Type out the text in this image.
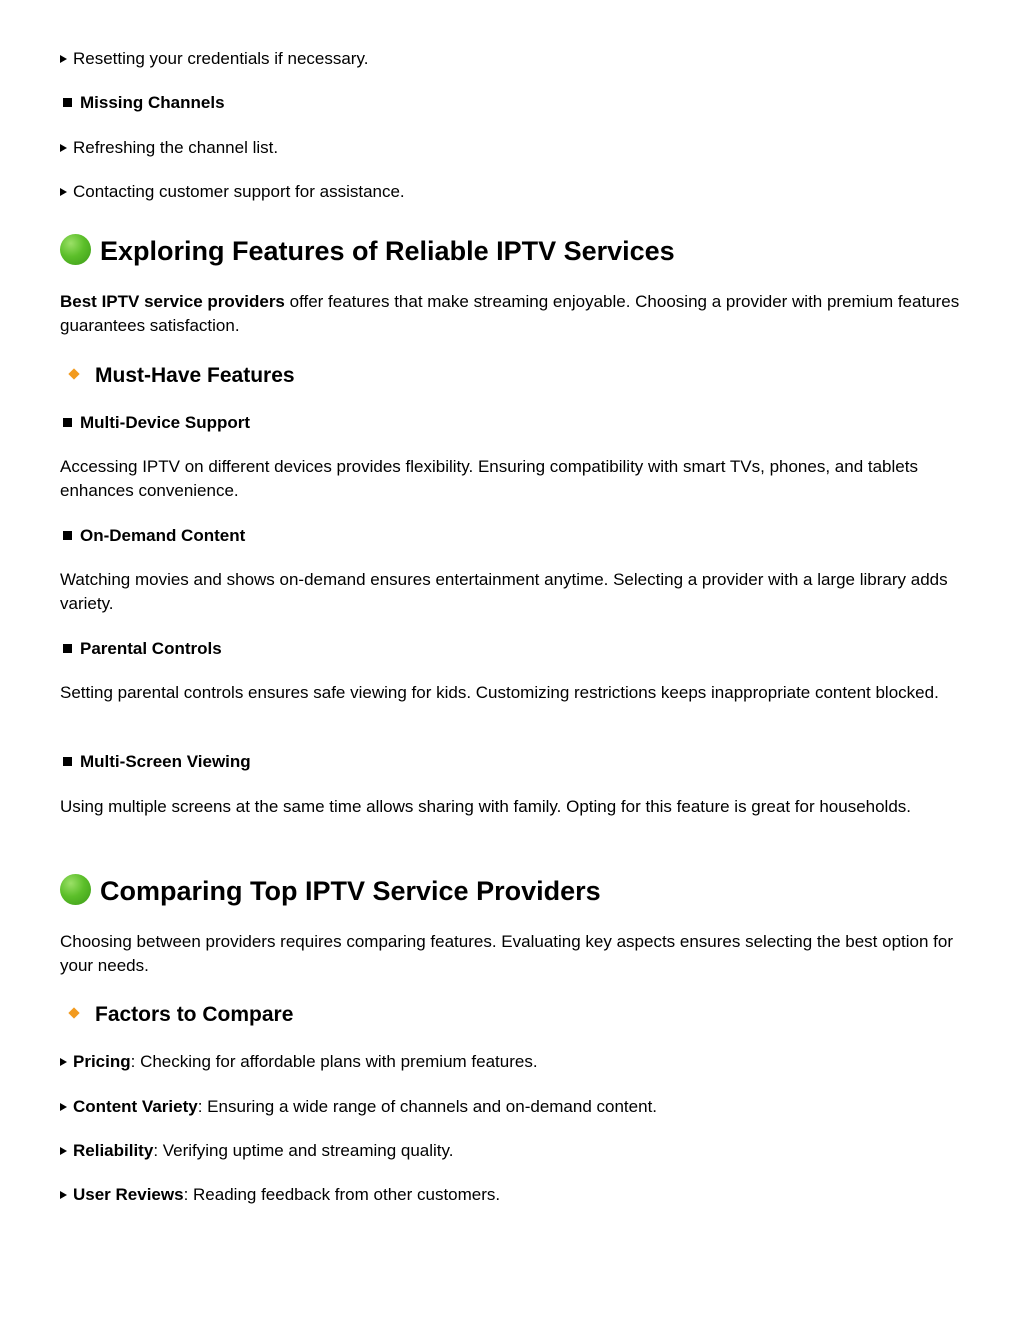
Resetting your credentials if necessary.
Missing Channels
Refreshing the channel list.
Contacting customer support for assistance.
Exploring Features of Reliable IPTV Services
Best IPTV service providers offer features that make streaming enjoyable. Choosing a provider with premium features guarantees satisfaction.
Must-Have Features
Multi-Device Support
Accessing IPTV on different devices provides flexibility. Ensuring compatibility with smart TVs, phones, and tablets enhances convenience.
On-Demand Content
Watching movies and shows on-demand ensures entertainment anytime. Selecting a provider with a large library adds variety.
Parental Controls
Setting parental controls ensures safe viewing for kids. Customizing restrictions keeps inappropriate content blocked.
Multi-Screen Viewing
Using multiple screens at the same time allows sharing with family. Opting for this feature is great for households.
Comparing Top IPTV Service Providers
Choosing between providers requires comparing features. Evaluating key aspects ensures selecting the best option for your needs.
Factors to Compare
Pricing: Checking for affordable plans with premium features.
Content Variety: Ensuring a wide range of channels and on-demand content.
Reliability: Verifying uptime and streaming quality.
User Reviews: Reading feedback from other customers.
